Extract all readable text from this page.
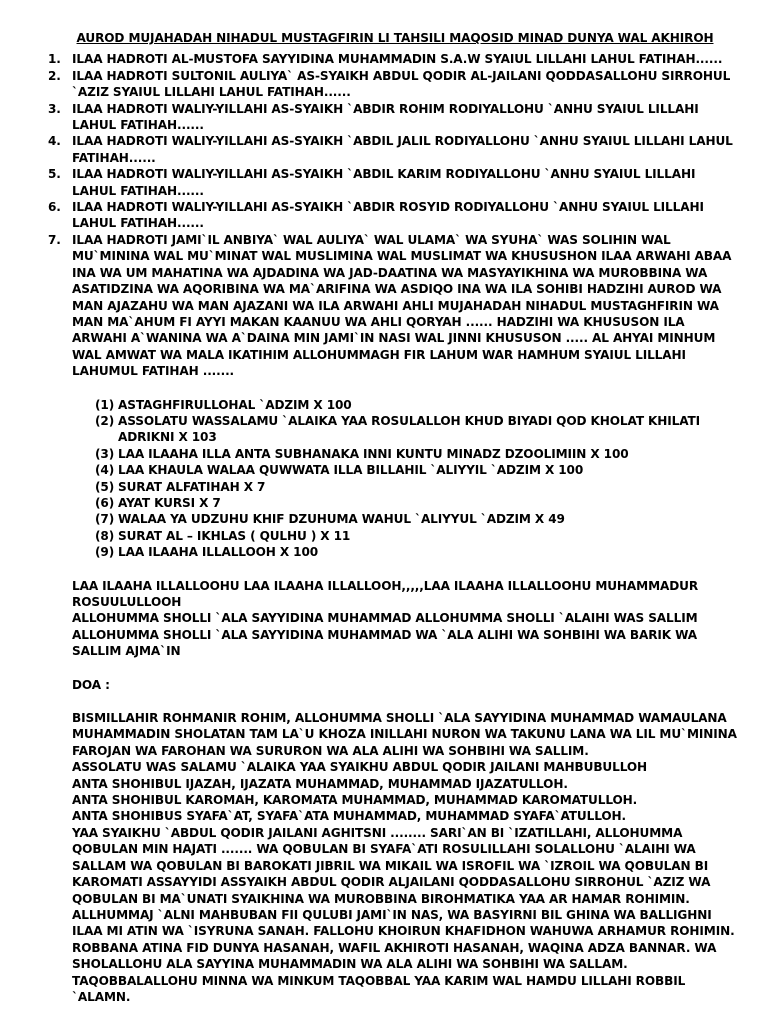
AUROD MUJAHADAH NIHADUL MUSTAGFIRIN LI TAHSILI MAQOSID MINAD DUNYA WAL AKHIROH
1. ILAA HADROTI AL-MUSTOFA SAYYIDINA MUHAMMADIN S.A.W SYAIUL LILLAHI LAHUL FATIHAH......
2. ILAA HADROTI SULTONIL AULIYA` AS-SYAIKH ABDUL QODIR AL-JAILANI QODDASALLOHU SIRROHUL `AZIZ SYAIUL LILLAHI LAHUL FATIHAH......
3. ILAA HADROTI WALIY-YILLAHI AS-SYAIKH `ABDIR ROHIM RODIYALLOHU `ANHU SYAIUL LILLAHI LAHUL FATIHAH......
4. ILAA HADROTI WALIY-YILLAHI AS-SYAIKH `ABDIL JALIL RODIYALLOHU `ANHU SYAIUL LILLAHI LAHUL FATIHAH......
5. ILAA HADROTI WALIY-YILLAHI AS-SYAIKH `ABDIL KARIM RODIYALLOHU `ANHU SYAIUL LILLAHI LAHUL FATIHAH......
6. ILAA HADROTI WALIY-YILLAHI AS-SYAIKH `ABDIR ROSYID RODIYALLOHU `ANHU SYAIUL LILLAHI LAHUL FATIHAH......
7. ILAA HADROTI JAMI`IL ANBIYA` WAL AULIYA` WAL ULAMA` WA SYUHA` WAS SOLIHIN WAL MU`MININA WAL MU`MINAT WAL MUSLIMINA WAL MUSLIMAT WA KHUSUSHON ILAA ARWAHI ABAA INA WA UM MAHATINA WA AJDADINA WA JAD-DAATINA WA MASYAYIKHINA WA MUROBBINA WA ASATIDZINA WA AQORIBINA WA MA`ARIFINA WA ASDIQO INA WA ILA SOHIBI HADZIHI AUROD WA MAN AJAZAHU WA MAN AJAZANI WA ILA ARWAHI AHLI MUJAHADAH NIHADUL MUSTAGHFIRIN WA MAN MA`AHUM FI AYYI MAKAN KAANUU WA AHLI QORYAH ...... HADZIHI WA KHUSUSON ILA ARWAHI A`WANINA WA A`DAINA MIN JAMI`IN NASI WAL JINNI KHUSUSON ..... AL AHYAI MINHUM WAL AMWAT WA MALA IKATIHIM ALLOHUMMAGH FIR LAHUM WAR HAMHUM SYAIUL LILLAHI LAHUMUL FATIHAH .......
(1) ASTAGHFIRULLOHAL `ADZIM X 100
(2) ASSOLATU WASSALAMU `ALAIKA YAA ROSULALLOH KHUD BIYADI QOD KHOLAT KHILATI ADRIKNI X 103
(3) LAA ILAAHA ILLA ANTA SUBHANAKA INNI KUNTU MINADZ DZOOLIMIIN X 100
(4) LAA KHAULA WALAA QUWWATA ILLA BILLAHIL `ALIYYIL `ADZIM X 100
(5) SURAT ALFATIHAH X 7
(6) AYAT KURSI X 7
(7) WALAA YA UDZUHU KHIF DZUHUMA WAHUL `ALIYYUL `ADZIM X 49
(8) SURAT AL – IKHLAS ( QULHU ) X 11
(9) LAA ILAAHA ILLALLOOH X 100

LAA ILAAHA ILLALLOOHU LAA ILAAHA ILLALLOOH,,,,,LAA ILAAHA ILLALLOOHU MUHAMMADUR ROSUULULLOOH

ALLOHUMMA SHOLLI `ALA SAYYIDINA MUHAMMAD ALLOHUMMA SHOLLI `ALAIHI WAS SALLIM

ALLOHUMMA SHOLLI `ALA SAYYIDINA MUHAMMAD WA `ALA ALIHI WA SOHBIHI WA BARIK WA SALLIM AJMA`IN

DOA :

BISMILLAHIR ROHMANIR ROHIM, ALLOHUMMA SHOLLI `ALA SAYYIDINA MUHAMMAD WAMAULANA MUHAMMADIN SHOLATAN TAM LA`U KHOZA INILLAHI NURON WA TAKUNU LANA WA LIL MU`MININA FAROJAN WA FAROHAN WA SURURON WA ALA ALIHI WA SOHBIHI WA SALLIM.

ASSOLATU WAS SALAMU `ALAIKA YAA SYAIKHU ABDUL QODIR JAILANI MAHBUBULLOH

ANTA SHOHIBUL IJAZAH, IJAZATA MUHAMMAD, MUHAMMAD IJAZATULLOH.

ANTA SHOHIBUL KAROMAH, KAROMATA MUHAMMAD, MUHAMMAD KAROMATULLOH.

ANTA SHOHIBUS SYAFA`AT, SYAFA`ATA MUHAMMAD, MUHAMMAD SYAFA`ATULLOH.

YAA SYAIKHU `ABDUL QODIR JAILANI AGHITSNI ........ SARI`AN BI `IZATILLAHI, ALLOHUMMA QOBULAN MIN HAJATI ....... WA QOBULAN BI SYAFA`ATI ROSULILLAHI SOLALLOHU `ALAIHI WA SALLAM WA QOBULAN BI BAROKATI JIBRIL WA MIKAIL WA ISROFIL WA `IZROIL WA QOBULAN BI KAROMATI ASSAYYIDI ASSYAIKH ABDUL QODIR ALJAILANI QODDASALLOHU SIRROHUL `AZIZ WA QOBULAN BI MA`UNATI SYAIKHINA WA MUROBBINA BIROHMATIKA YAA AR HAMAR ROHIMIN.

ALLHUMMAJ `ALNI MAHBUBAN FII QULUBI JAMI`IN NAS, WA BASYIRNI BIL GHINA WA BALLIGHNI ILAA MI ATIN WA `ISYRUNA SANAH. FALLOHU KHOIRUN KHAFIDHON WAHUWA ARHAMUR ROHIMIN.

ROBBANA ATINA FID DUNYA HASANAH, WAFIL AKHIROTI HASANAH, WAQINA ADZA BANNAR. WA SHOLALLOHU ALA SAYYINA MUHAMMADIN WA ALA ALIHI WA SOHBIHI WA SALLAM.

TAQOBBALALLOHU MINNA WA MINKUM TAQOBBAL YAA KARIM WAL HAMDU LILLAHI ROBBIL `ALAMN.
